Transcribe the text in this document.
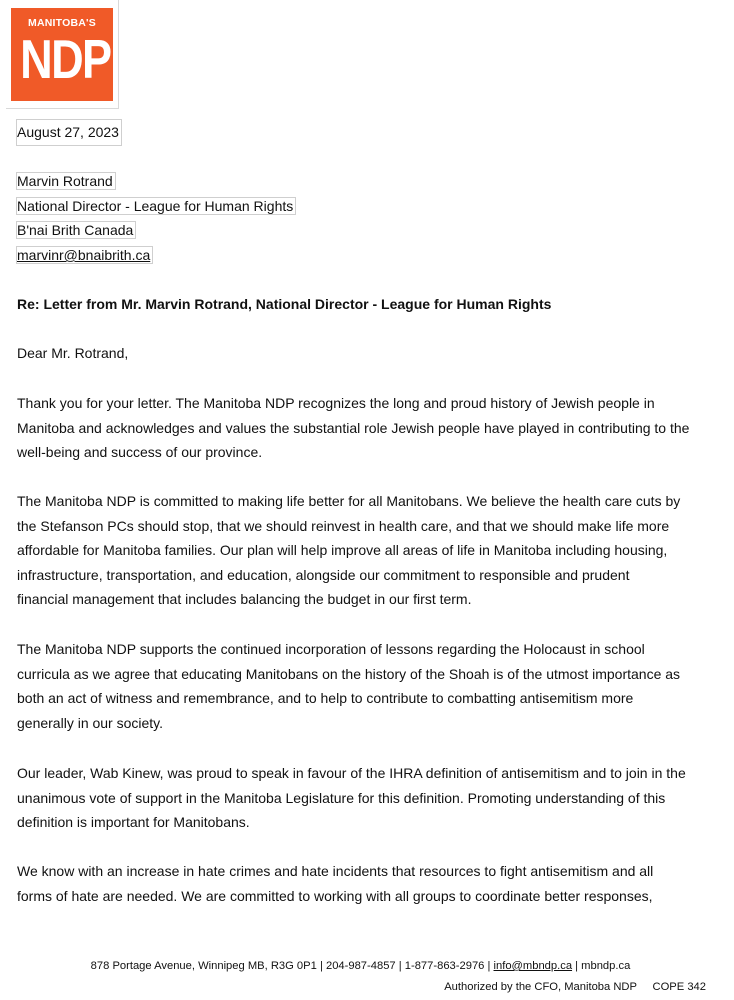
MANITOBA'S
NDP
August 27, 2023
Marvin Rotrand
National Director - League for Human Rights
B'nai Brith Canada
marvinr@bnaibrith.ca
Re: Letter from Mr. Marvin Rotrand, National Director - League for Human Rights
Dear Mr. Rotrand,
Thank you for your letter. The Manitoba NDP recognizes the long and proud history of Jewish people in
Manitoba and acknowledges and values the substantial role Jewish people have played in contributing to the
well-being and success of our province.
The Manitoba NDP is committed to making life better for all Manitobans. We believe the health care cuts by
the Stefanson PCs should stop, that we should reinvest in health care, and that we should make life more
affordable for Manitoba families. Our plan will help improve all areas of life in Manitoba including housing,
infrastructure, transportation, and education, alongside our commitment to responsible and prudent
financial management that includes balancing the budget in our first term.
The Manitoba NDP supports the continued incorporation of lessons regarding the Holocaust in school
curricula as we agree that educating Manitobans on the history of the Shoah is of the utmost importance as
both an act of witness and remembrance, and to help to contribute to combatting antisemitism more
generally in our society.
Our leader, Wab Kinew, was proud to speak in favour of the IHRA definition of antisemitism and to join in the
unanimous vote of support in the Manitoba Legislature for this definition. Promoting understanding of this
definition is important for Manitobans.
We know with an increase in hate crimes and hate incidents that resources to fight antisemitism and all
forms of hate are needed. We are committed to working with all groups to coordinate better responses,
878 Portage Avenue, Winnipeg MB, R3G 0P1 | 204-987-4857 | 1-877-863-2976 | info@mbndp.ca | mbndp.ca
Authorized by the CFO, Manitoba NDP COPE 342
